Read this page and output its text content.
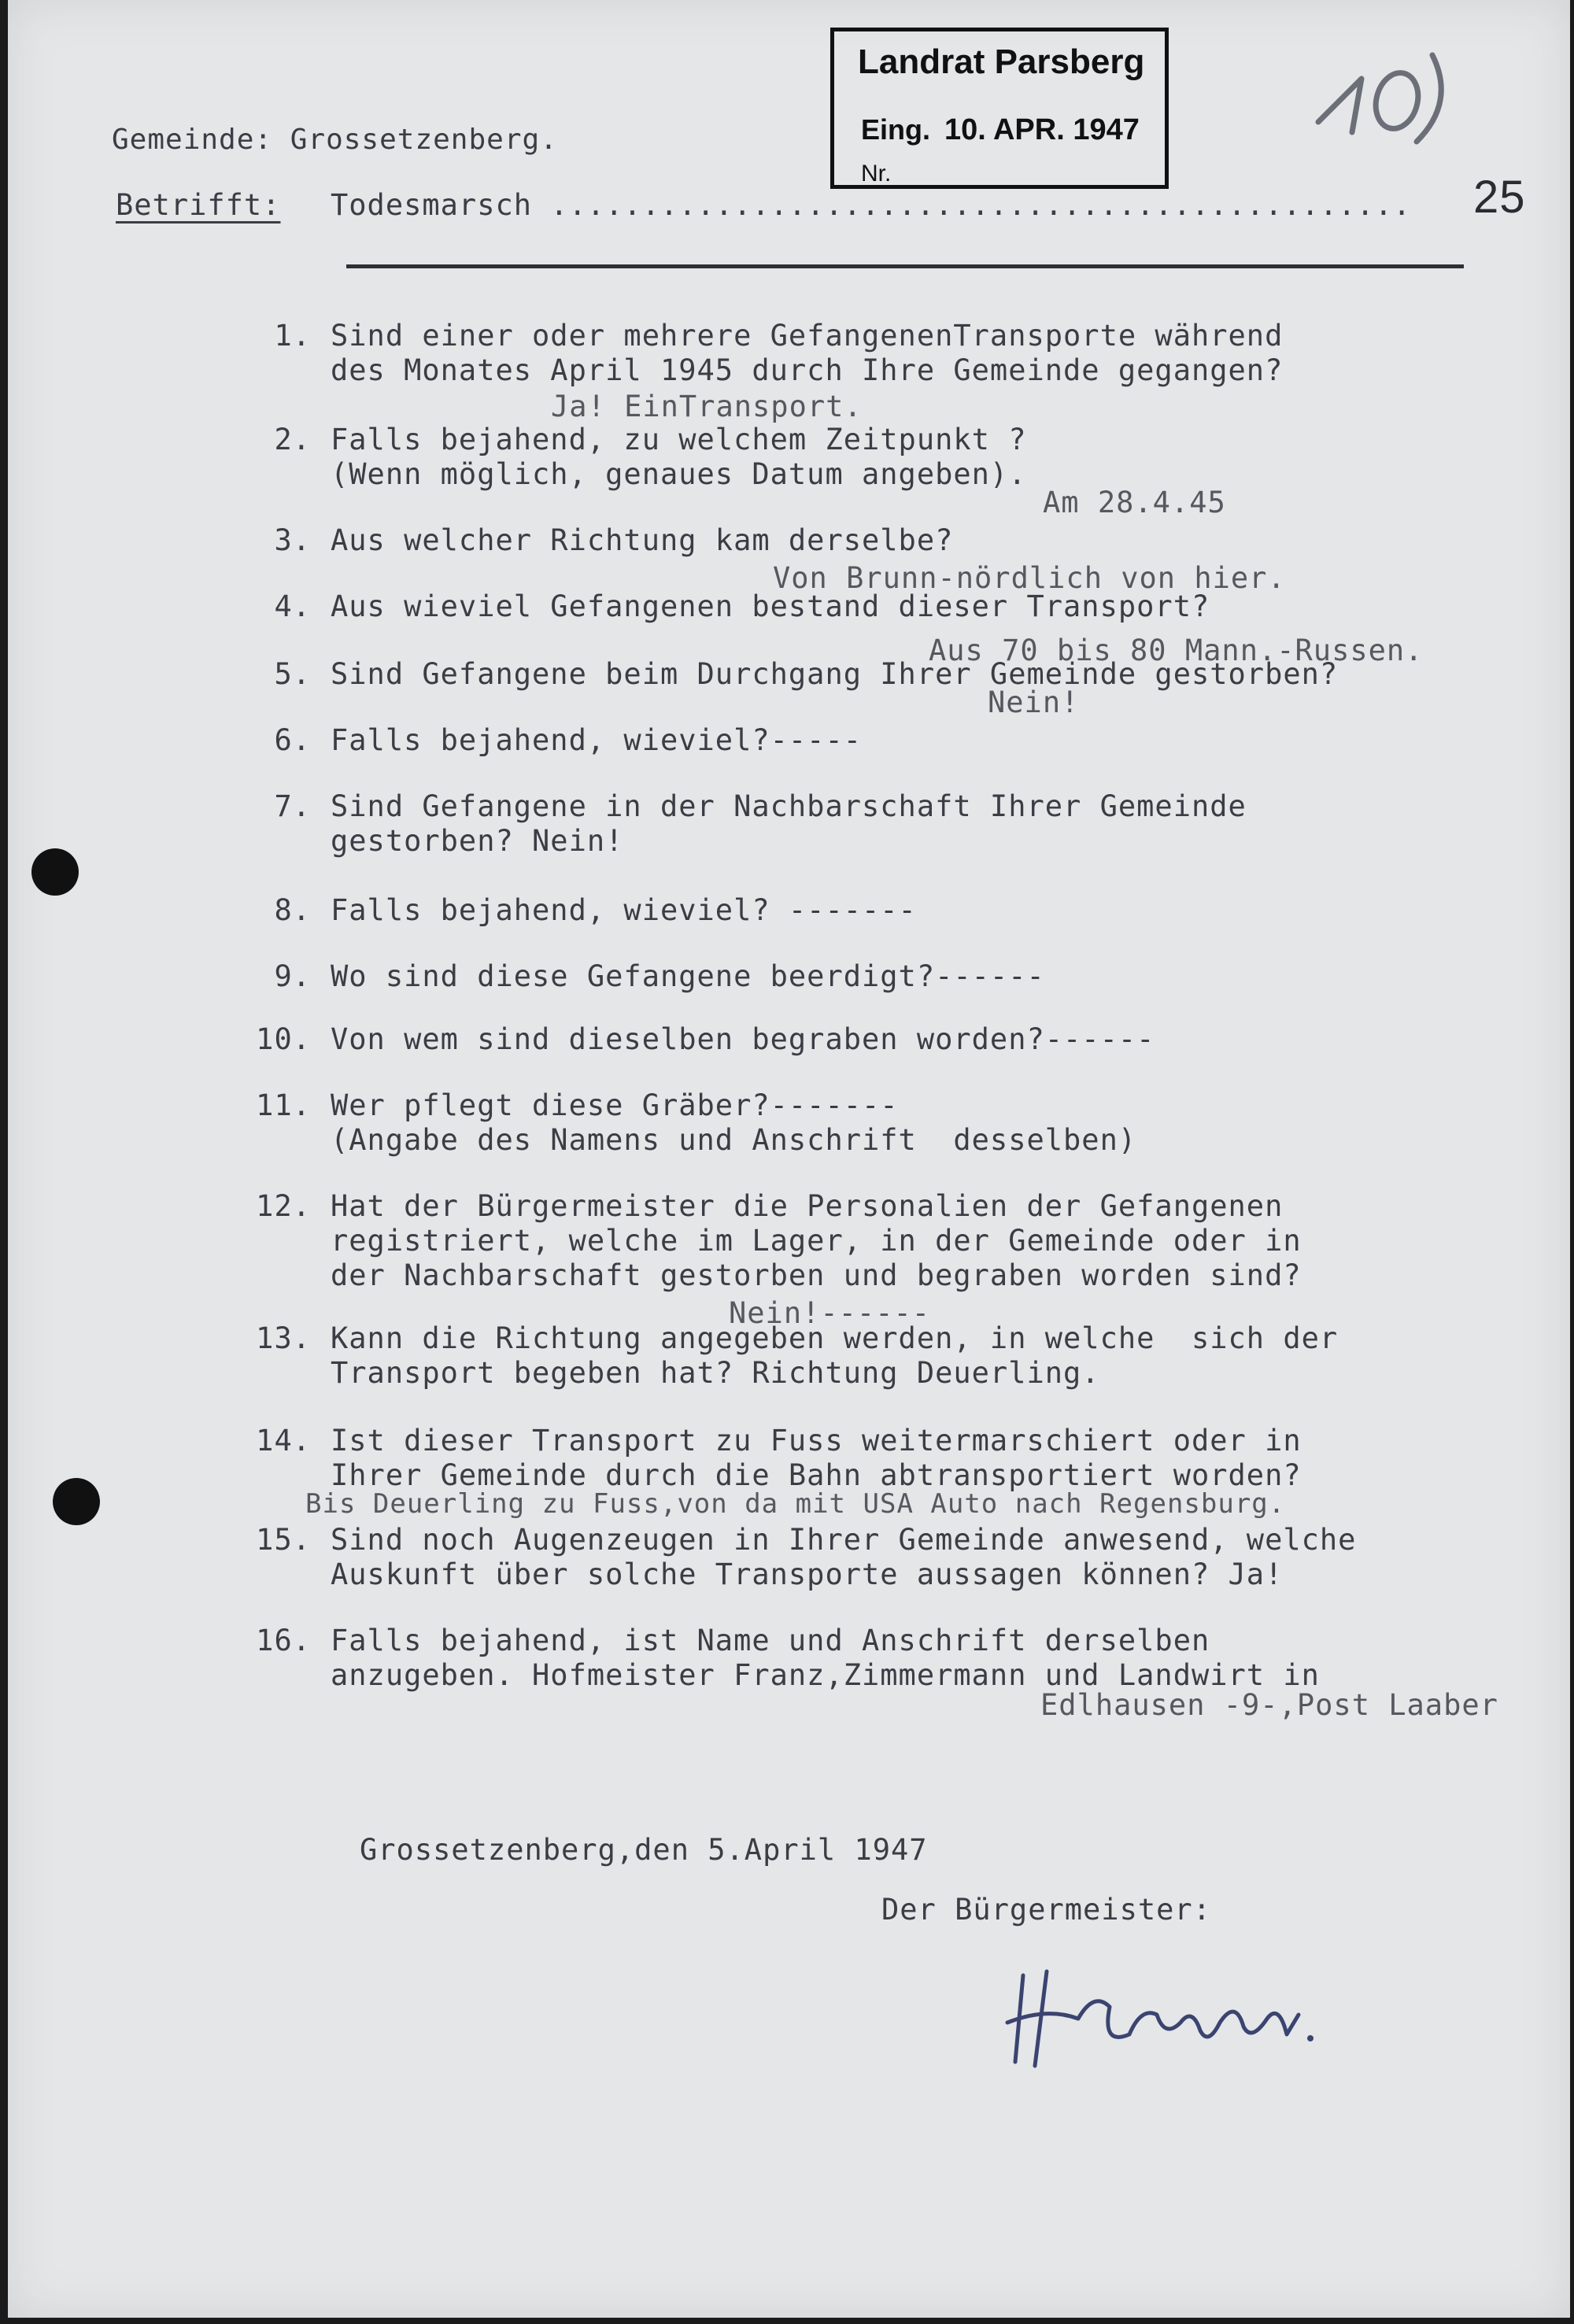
Gemeinde: Grossetzenberg.
Betrifft: Todesmarsch ............................................... 25
Landrat Parsberg
Eing. 10. APR. 1947
Nr.
1. Sind einer oder mehrere GefangenenTransporte während
des Monates April 1945 durch Ihre Gemeinde gegangen?
Ja! EinTransport.
2. Falls bejahend, zu welchem Zeitpunkt ?
(Wenn möglich, genaues Datum angeben).
Am 28.4.45
3. Aus welcher Richtung kam derselbe?
Von Brunn-nördlich von hier.
4. Aus wieviel Gefangenen bestand dieser Transport?
Aus 70 bis 80 Mann.-Russen.
5. Sind Gefangene beim Durchgang Ihrer Gemeinde gestorben?
Nein!
6. Falls bejahend, wieviel?-----
7. Sind Gefangene in der Nachbarschaft Ihrer Gemeinde
gestorben? Nein!
8. Falls bejahend, wieviel? -------
9. Wo sind diese Gefangene beerdigt?------
10. Von wem sind dieselben begraben worden?------
11. Wer pflegt diese Gräber?-------
(Angabe des Namens und Anschrift  desselben)
12. Hat der Bürgermeister die Personalien der Gefangenen
registriert, welche im Lager, in der Gemeinde oder in
der Nachbarschaft gestorben und begraben worden sind?
Nein!------
13. Kann die Richtung angegeben werden, in welche  sich der
Transport begeben hat? Richtung Deuerling.
14. Ist dieser Transport zu Fuss weitermarschiert oder in
Ihrer Gemeinde durch die Bahn abtransportiert worden?
Bis Deuerling zu Fuss,von da mit USA Auto nach Regensburg.
15. Sind noch Augenzeugen in Ihrer Gemeinde anwesend, welche
Auskunft über solche Transporte aussagen können? Ja!
16. Falls bejahend, ist Name und Anschrift derselben
anzugeben. Hofmeister Franz,Zimmermann und Landwirt in
Edlhausen -9-,Post Laaber
Grossetzenberg,den 5.April 1947
Der Bürgermeister:
